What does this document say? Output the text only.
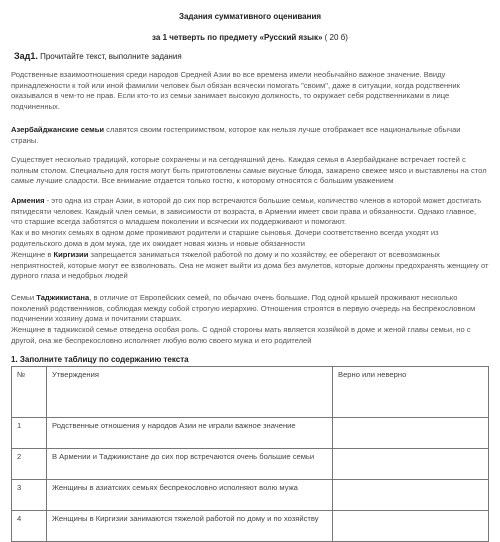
Задания суммативного оценивания
за 1 четверть по предмету «Русский язык» ( 20 б)
Зад1. Прочитайте текст, выполните задания

Родственные взаимоотношения среди народов Средней Азии во все времена имели необычайно важное значение. Ввиду принадлежности к той или иной фамилии человек был обязан всячески помогать "своим", даже в ситуации, когда родственник оказывался в чем-то не прав. Если кто-то из семьи занимает высокую должность, то окружает себя родственниками в лице подчиненных.

Азербайджанские семьи славятся своим гостеприимством, которое как нельзя лучше отображает все национальные обычаи страны.

Существует несколько традиций, которые сохранены и на сегодняшний день. Каждая семья в Азербайджане встречает гостей с полным столом. Специально для гостя могут быть приготовлены самые вкусные блюда, зажарено свежее мясо и выставлены на стол самые лучшие сладости. Все внимание отдается только гостю, к которому относятся с большим уважением

Армения - это одна из стран Азии, в которой до сих пор встречаются большие семьи, количество членов в которой может достигать пятидесяти человек. Каждый член семьи, в зависимости от возраста, в Армении имеет свои права и обязанности. Однако главное, что старшие всегда заботятся о младшем поколении и всячески их поддерживают и помогают.

Как и во многих семьях в одном доме проживают родители и старшие сыновья. Дочери соответственно всегда уходят из родительского дома в дом мужа, где их ожидает новая жизнь и новые обязанности

Женщине в Киргизии запрещается заниматься тяжелой работой по дому и по хозяйству, ее оберегают от всевозможных неприятностей, которые могут ее взволновать. Она не может выйти из дома без амулетов, которые должны предохранять женщину от дурного глаза и недобрых людей

Семьи Таджикистана, в отличие от Европейских семей, по обычаю очень большие. Под одной крышей проживают несколько поколений родственников, соблюдая между собой строгую иерархию. Отношения строятся в первую очередь на беспрекословном подчинении хозяину дома и почитании старших.

Женщине в таджикской семье отведена особая роль. С одной стороны мать является хозяйкой в доме и женой главы семьи, но с другой, она же беспрекословно исполняет любую волю своего мужа и его родителей

1. Заполните таблицу по содержанию текста
№	Утверждения	Верно или неверно
1	Родственные отношения у народов Азии не играли важное значение	
2	В Армении и Таджикистане до сих пор встречаются очень большие семьи	
3	Женщины в азиатских семьях беспрекословно исполняют волю мужа	
4	Женщины в Киргизии занимаются тяжелой работой по дому и по хозяйству	
